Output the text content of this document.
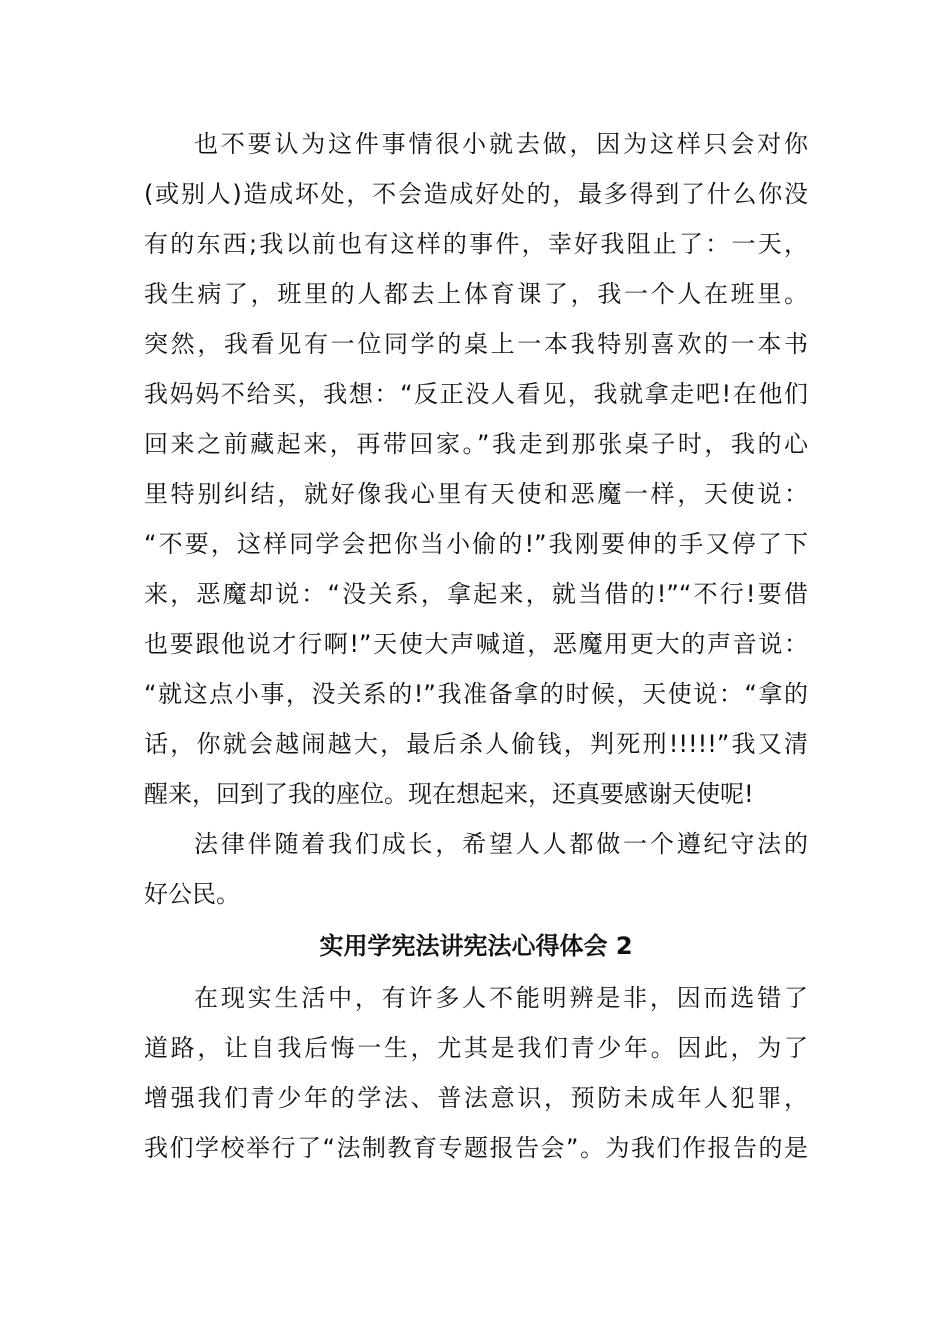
也不要认为这件事情很小就去做，因为这样只会对你
(或别人)造成坏处，不会造成好处的，最多得到了什么你没
有的东西;我以前也有这样的事件，幸好我阻止了：一天，
我生病了，班里的人都去上体育课了，我一个人在班里。
突然，我看见有一位同学的桌上一本我特别喜欢的一本书
我妈妈不给买，我想：“反正没人看见，我就拿走吧!在他们
回来之前藏起来，再带回家。”我走到那张桌子时，我的心
里特别纠结，就好像我心里有天使和恶魔一样，天使说：
“不要，这样同学会把你当小偷的!”我刚要伸的手又停了下
来，恶魔却说：“没关系，拿起来，就当借的!”“不行!要借
也要跟他说才行啊!”天使大声喊道，恶魔用更大的声音说：
“就这点小事，没关系的!”我准备拿的时候，天使说：“拿的
话，你就会越闹越大，最后杀人偷钱，判死刑!!!!!”我又清
醒来，回到了我的座位。现在想起来，还真要感谢天使呢!
法律伴随着我们成长，希望人人都做一个遵纪守法的
好公民。
实用学宪法讲宪法心得体会 2
在现实生活中，有许多人不能明辨是非，因而选错了
道路，让自我后悔一生，尤其是我们青少年。因此，为了
增强我们青少年的学法、普法意识，预防未成年人犯罪，
我们学校举行了“法制教育专题报告会”。为我们作报告的是
